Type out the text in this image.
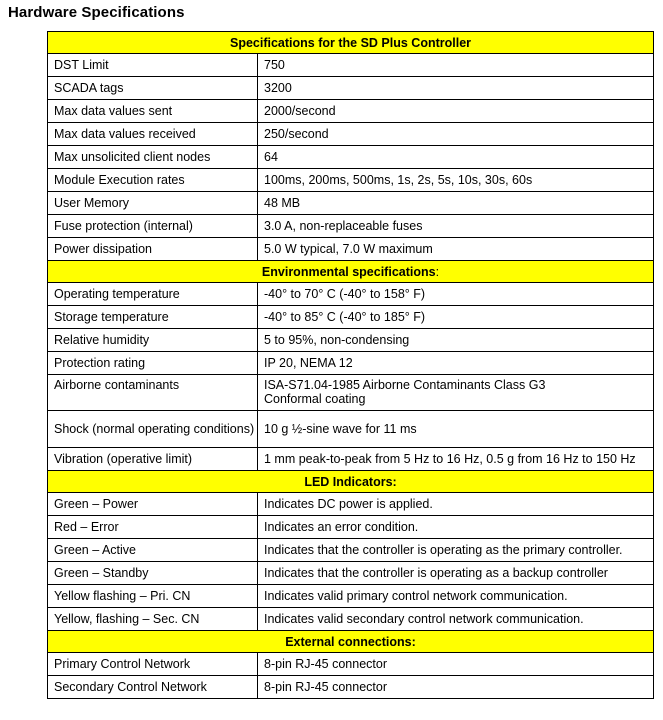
Hardware Specifications
Specifications for the SD Plus Controller	
DST Limit	750
SCADA tags	3200
Max data values sent	2000/second
Max data values received	250/second
Max unsolicited client nodes	64
Module Execution rates	100ms, 200ms, 500ms, 1s, 2s, 5s, 10s, 30s, 60s
User Memory	48 MB
Fuse protection (internal)	3.0 A, non-replaceable fuses
Power dissipation	5.0 W typical, 7.0 W maximum
Environmental specifications:	
Operating temperature	-40° to 70° C (-40° to 158° F)
Storage temperature	-40° to 85° C (-40° to 185° F)
Relative humidity	5 to 95%, non-condensing
Protection rating	IP 20, NEMA 12
Airborne contaminants	ISA-S71.04-1985 Airborne Contaminants Class G3
Conformal coating

Shock (normal operating conditions)	10 g ½-sine wave for 11 ms
Vibration (operative limit)	1 mm peak-to-peak from 5 Hz to 16 Hz, 0.5 g from 16 Hz to 150 Hz
LED Indicators:	
Green – Power	Indicates DC power is applied.
Red – Error	Indicates an error condition.
Green – Active	Indicates that the controller is operating as the primary controller.
Green – Standby	Indicates that the controller is operating as a backup controller
Yellow flashing – Pri. CN	Indicates valid primary control network communication.
Yellow, flashing – Sec. CN	Indicates valid secondary control network communication.
External connections:	
Primary Control Network	8-pin RJ-45 connector
Secondary Control Network	8-pin RJ-45 connector
